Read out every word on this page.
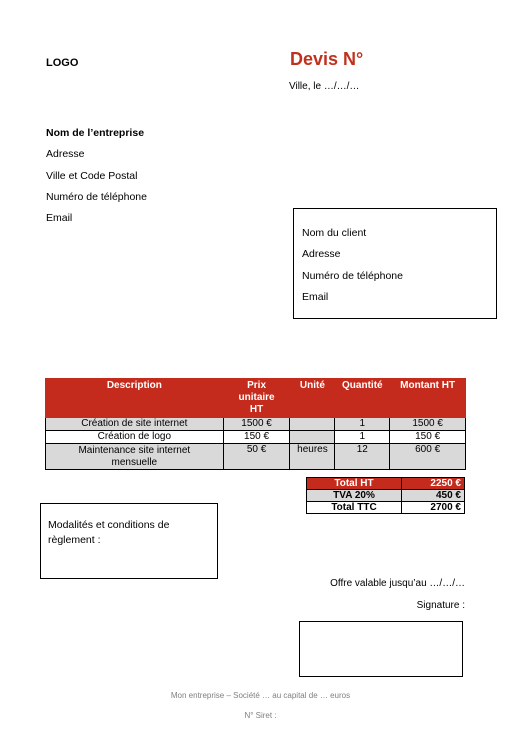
LOGO	Devis N°
Ville, le …/…/…
Nom de l’entreprise
Adresse
Ville et Code Postal
Numéro de téléphone
Email
Nom du client
Adresse
Numéro de téléphone
Email
Description	Prix unitaire HT	Unité	Quantité	Montant HT
Création de site internet	1500 €		1	1500 €
Création de logo	150 €		1	150 €

Maintenance site internet mensuelle	50 €	heures	12	600 €
Total HT	2250 €
TVA 20%	450 €
Total TTC	2700 €
Modalités et conditions de règlement :
Offre valable jusqu’au …/…/…
Signature :
Mon entreprise – Société … au capital de … euros
N° Siret :
